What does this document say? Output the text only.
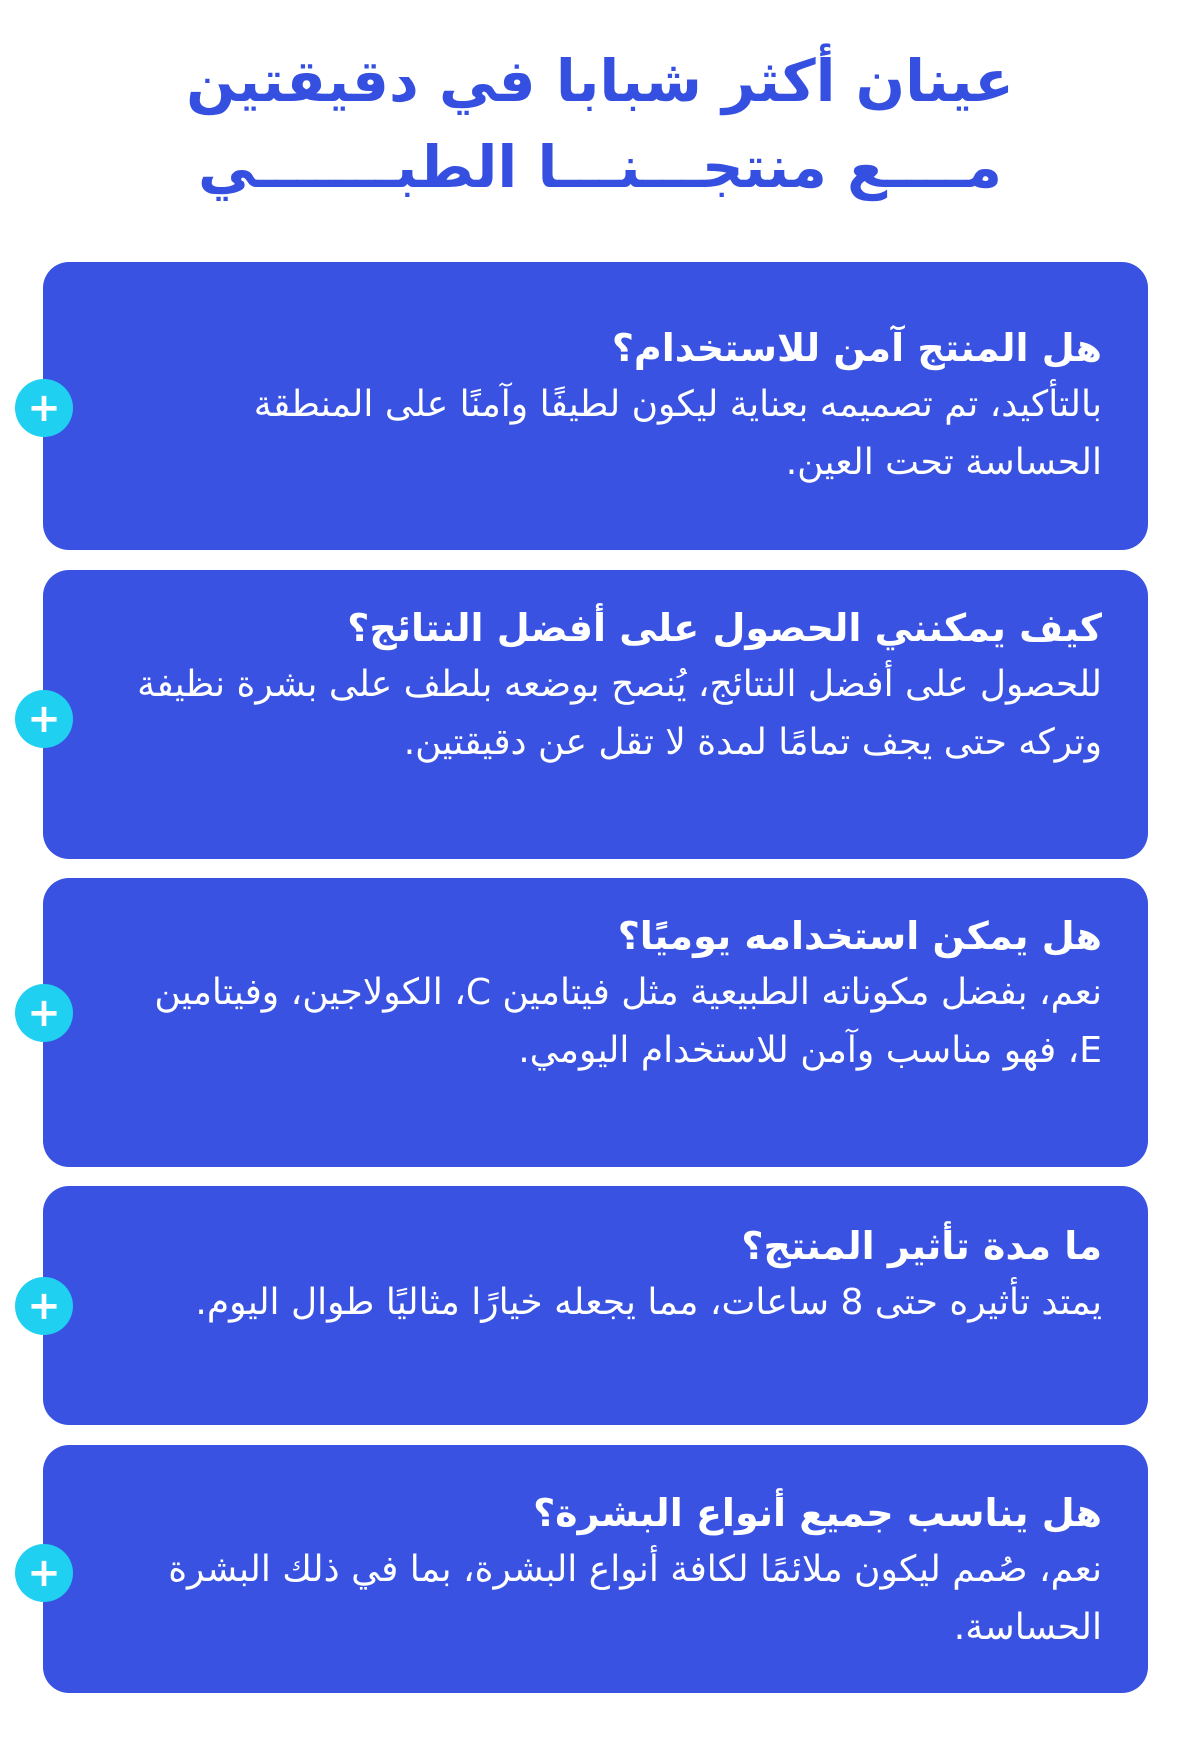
عينان أكثر شبابا في دقيقتين
مــــع منتجـــنـــا الطبـــــــي
هل المنتج آمن للاستخدام؟
بالتأكيد، تم تصميمه بعناية ليكون لطيفًا وآمنًا على المنطقة الحساسة تحت العين.
+
كيف يمكنني الحصول على أفضل النتائج؟
للحصول على أفضل النتائج، يُنصح بوضعه بلطف على بشرة نظيفة وتركه حتى يجف تمامًا لمدة لا تقل عن دقيقتين.
+
هل يمكن استخدامه يوميًا؟
نعم، بفضل مكوناته الطبيعية مثل فيتامين C، الكولاجين، وفيتامين E، فهو مناسب وآمن للاستخدام اليومي.
+
ما مدة تأثير المنتج؟
يمتد تأثيره حتى 8 ساعات، مما يجعله خيارًا مثاليًا طوال اليوم.
+
هل يناسب جميع أنواع البشرة؟
نعم، صُمم ليكون ملائمًا لكافة أنواع البشرة، بما في ذلك البشرة الحساسة.
+
